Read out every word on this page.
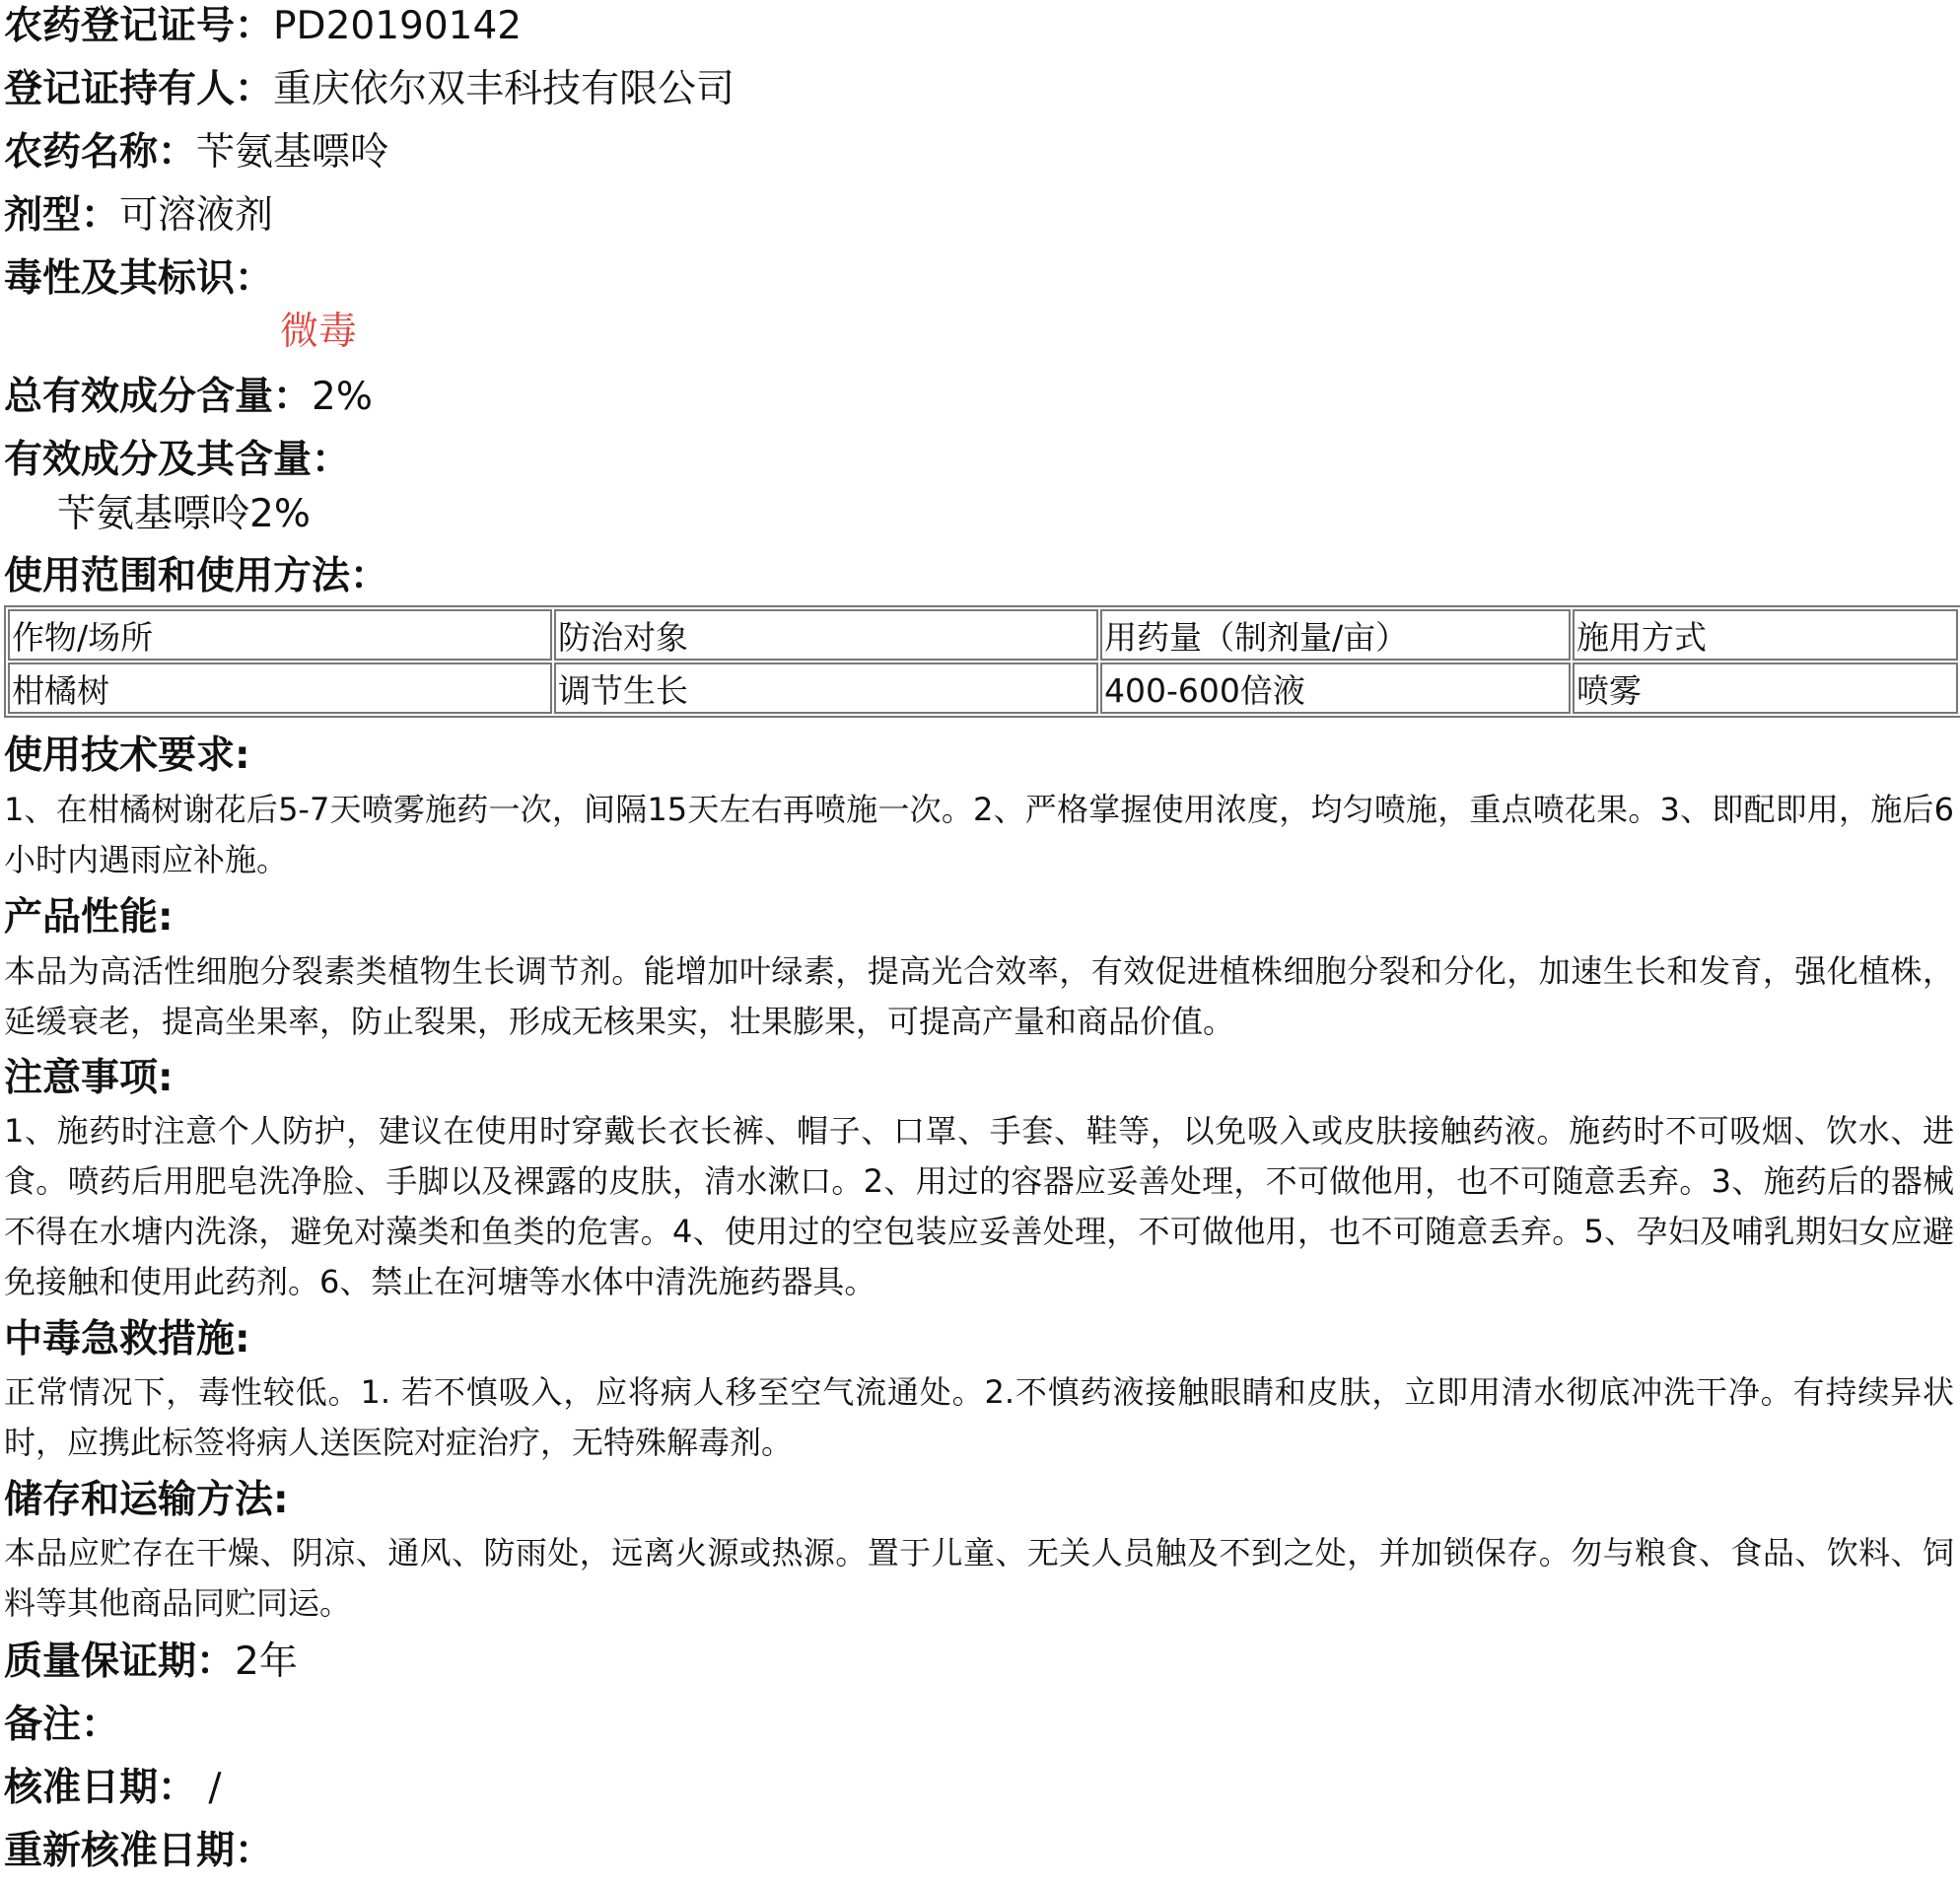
农药登记证号：PD20190142
登记证持有人：重庆依尔双丰科技有限公司
农药名称：苄氨基嘌呤
剂型：可溶液剂
毒性及其标识：
微毒
总有效成分含量：2%
有效成分及其含量：
苄氨基嘌呤2%
使用范围和使用方法：
作物/场所	防治对象	用药量（制剂量/亩）	施用方式
柑橘树	调节生长	400-600倍液	喷雾
使用技术要求:
1、在柑橘树谢花后5-7天喷雾施药一次，间隔15天左右再喷施一次。2、严格掌握使用浓度，均匀喷施，重点喷花果。3、即配即用，施后6小时内遇雨应补施。
产品性能:
本品为高活性细胞分裂素类植物生长调节剂。能增加叶绿素，提高光合效率，有效促进植株细胞分裂和分化，加速生长和发育，强化植株，延缓衰老，提高坐果率，防止裂果，形成无核果实，壮果膨果，可提高产量和商品价值。
注意事项:
1、施药时注意个人防护，建议在使用时穿戴长衣长裤、帽子、口罩、手套、鞋等，以免吸入或皮肤接触药液。施药时不可吸烟、饮水、进食。喷药后用肥皂洗净脸、手脚以及裸露的皮肤，清水漱口。2、用过的容器应妥善处理，不可做他用，也不可随意丢弃。3、施药后的器械不得在水塘内洗涤，避免对藻类和鱼类的危害。4、使用过的空包装应妥善处理，不可做他用，也不可随意丢弃。5、孕妇及哺乳期妇女应避免接触和使用此药剂。6、禁止在河塘等水体中清洗施药器具。
中毒急救措施:
正常情况下，毒性较低。1. 若不慎吸入，应将病人移至空气流通处。2.不慎药液接触眼睛和皮肤，立即用清水彻底冲洗干净。有持续异状时，应携此标签将病人送医院对症治疗，无特殊解毒剂。
储存和运输方法:
本品应贮存在干燥、阴凉、通风、防雨处，远离火源或热源。置于儿童、无关人员触及不到之处，并加锁保存。勿与粮食、食品、饮料、饲料等其他商品同贮同运。
质量保证期：2年
备注：
核准日期： /
重新核准日期：
